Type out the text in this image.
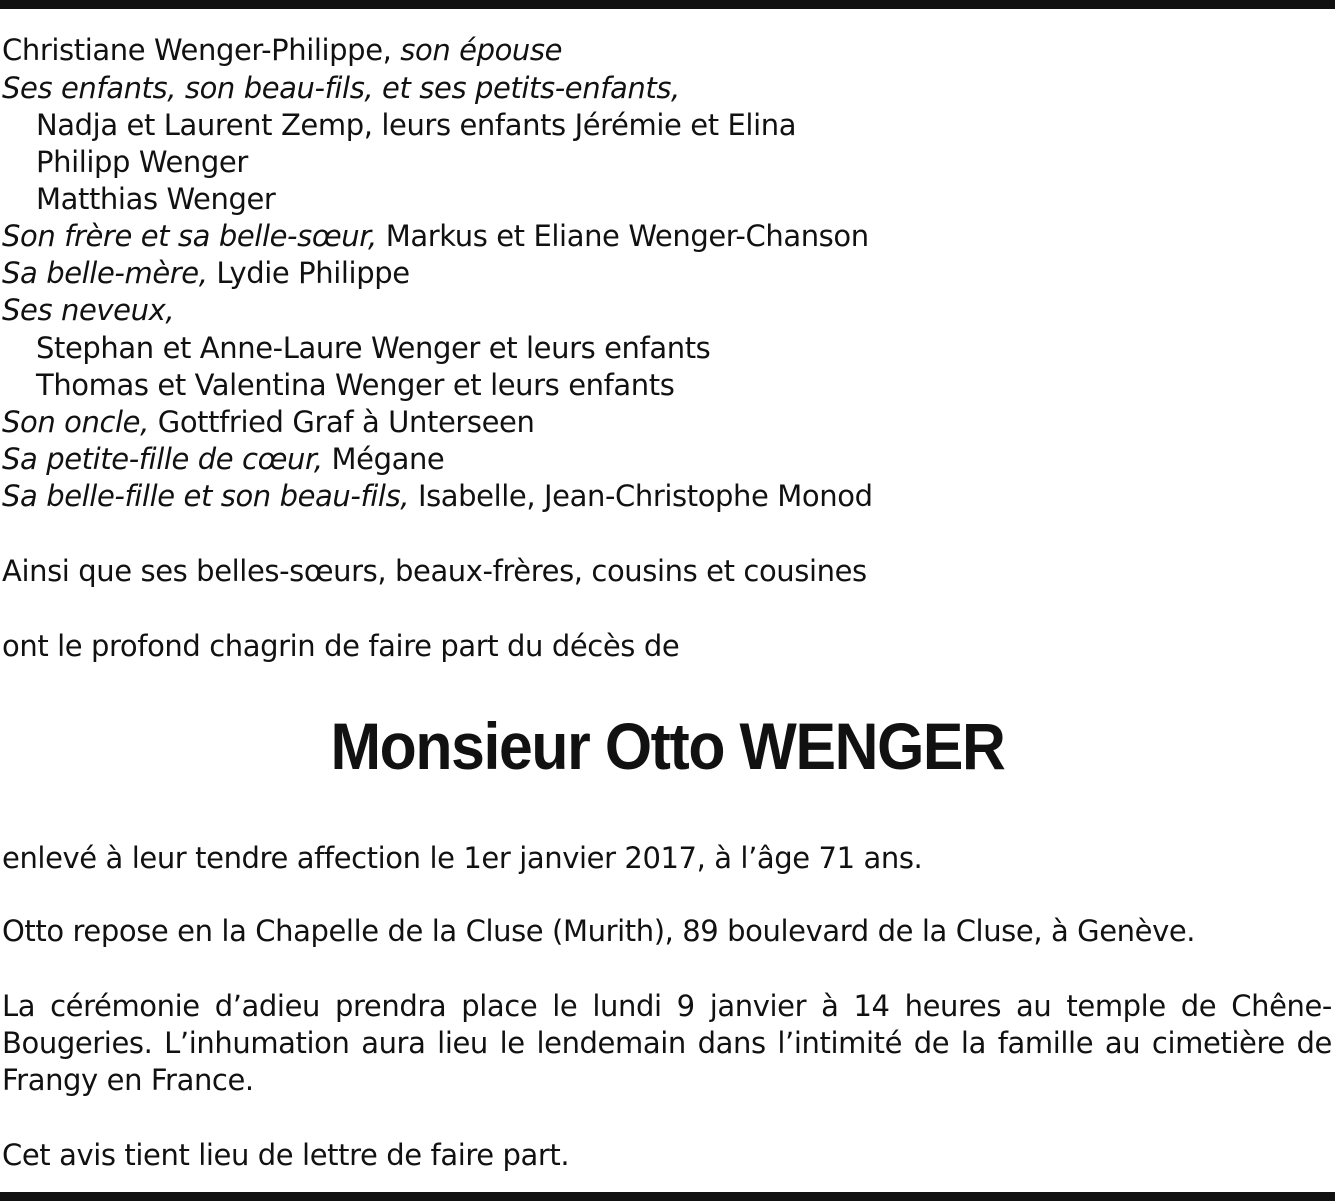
Christiane Wenger-Philippe, son épouse
Ses enfants, son beau-fils, et ses petits-enfants,
Nadja et Laurent Zemp, leurs enfants Jérémie et Elina
Philipp Wenger
Matthias Wenger
Son frère et sa belle-sœur, Markus et Eliane Wenger-Chanson
Sa belle-mère, Lydie Philippe
Ses neveux,
Stephan et Anne-Laure Wenger et leurs enfants
Thomas et Valentina Wenger et leurs enfants
Son oncle, Gottfried Graf à Unterseen
Sa petite-fille de cœur, Mégane
Sa belle-fille et son beau-fils, Isabelle, Jean-Christophe Monod
Ainsi que ses belles-sœurs, beaux-frères, cousins et cousines
ont le profond chagrin de faire part du décès de
Monsieur Otto WENGER
enlevé à leur tendre affection le 1er janvier 2017, à l’âge 71 ans.
Otto repose en la Chapelle de la Cluse (Murith), 89 boulevard de la Cluse, à Genève.
La cérémonie d’adieu prendra place le lundi 9 janvier à 14 heures au temple de Chêne-Bougeries. L’inhumation aura lieu le lendemain dans l’intimité de la famille au cimetière de Frangy en France.
Cet avis tient lieu de lettre de faire part.
